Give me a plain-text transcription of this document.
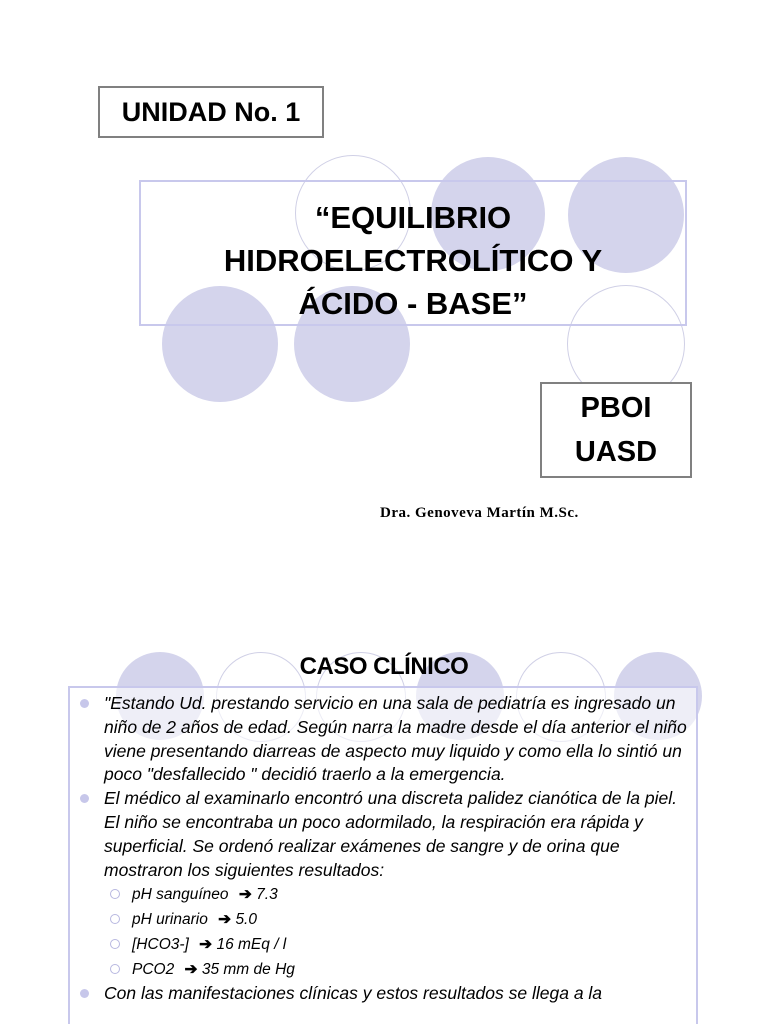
UNIDAD No. 1
“EQUILIBRIO
HIDROELECTROLÍTICO Y
ÁCIDO - BASE”
PBOI
UASD
Dra. Genoveva Martín M.Sc.
CASO CLÍNICO
"Estando Ud. prestando servicio en una sala de pediatría es ingresado un niño de 2 años de edad. Según narra la madre desde el día anterior el niño viene presentando diarreas de aspecto muy liquido y como ella lo sintió un poco "desfallecido " decidió traerlo a la emergencia.
El médico al examinarlo encontró una discreta palidez cianótica de la piel. El niño se encontraba un poco adormilado, la respiración era rápida y superficial. Se ordenó realizar exámenes de sangre y de orina que mostraron los siguientes resultados:
pH sanguíneo ➔ 7.3
pH urinario ➔ 5.0
[HCO3-] ➔ 16 mEq / l
PCO2 ➔ 35 mm de Hg
Con las manifestaciones clínicas y estos resultados se llega a la
